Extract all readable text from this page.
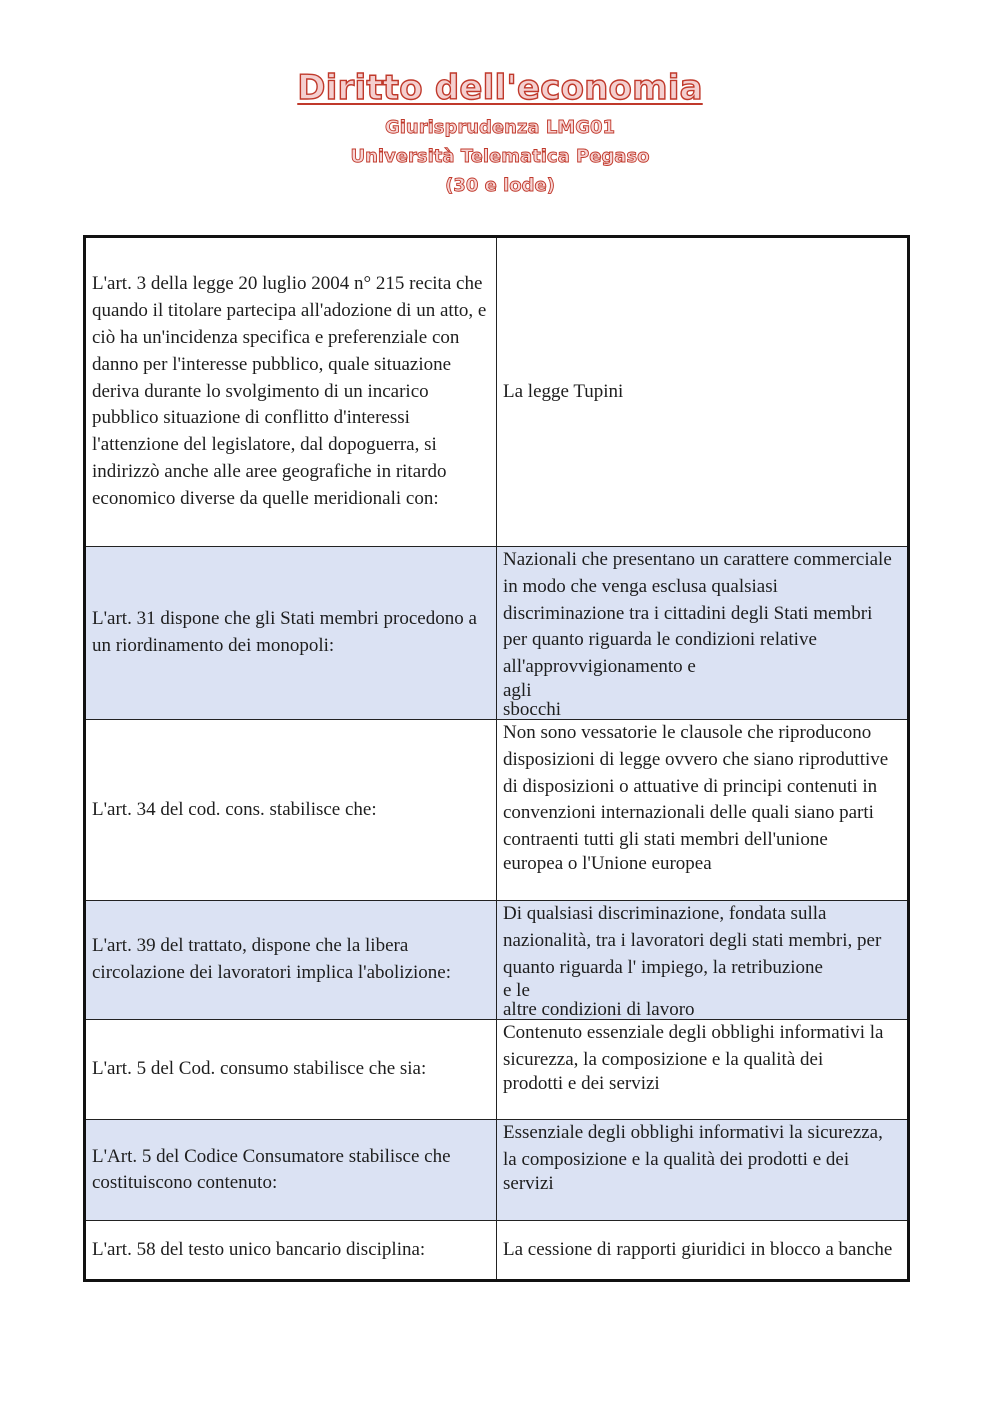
Diritto dell'economia
Giurisprudenza LMG01
Università Telematica Pegaso
(30 e lode)
L'art. 3 della legge 20 luglio 2004 n° 215 recita che quando il titolare partecipa all'adozione di un atto, e ciò ha un'incidenza specifica e preferenziale con danno per l'interesse pubblico, quale situazione deriva durante lo svolgimento di un incarico pubblico situazione di conflitto d'interessi l'attenzione del legislatore, dal dopoguerra, si indirizzò anche alle aree geografiche in ritardo economico diverse da quelle meridionali con:	La legge Tupini
L'art. 31 dispone che gli Stati membri procedono a un riordinamento dei monopoli:	Nazionali che presentano un carattere commerciale in modo che venga esclusa qualsiasi discriminazione tra i cittadini degli Stati membri per quanto riguarda le condizioni relative all'approvvigionamento e
agli
sbocchi

L'art. 34 del cod. cons. stabilisce che:	Non sono vessatorie le clausole che riproducono disposizioni di legge ovvero che siano riproduttive di disposizioni o attuative di principi contenuti in convenzioni internazionali delle quali siano parti contraenti tutti gli stati membri dell'unione
europea o l'Unione europea

L'art. 39 del trattato, dispone che la libera circolazione dei lavoratori implica l'abolizione:	Di qualsiasi discriminazione, fondata sulla nazionalità, tra i lavoratori degli stati membri, per quanto riguarda l' impiego, la retribuzione
e le
altre condizioni di lavoro

L'art. 5 del Cod. consumo stabilisce che sia:	Contenuto essenziale degli obblighi informativi la sicurezza, la composizione e la qualità dei
prodotti e dei servizi

L'Art. 5 del Codice Consumatore stabilisce che costituiscono contenuto:	Essenziale degli obblighi informativi la sicurezza, la composizione e la qualità dei prodotti e dei
servizi

L'art. 58 del testo unico bancario disciplina:	La cessione di rapporti giuridici in blocco a banche
